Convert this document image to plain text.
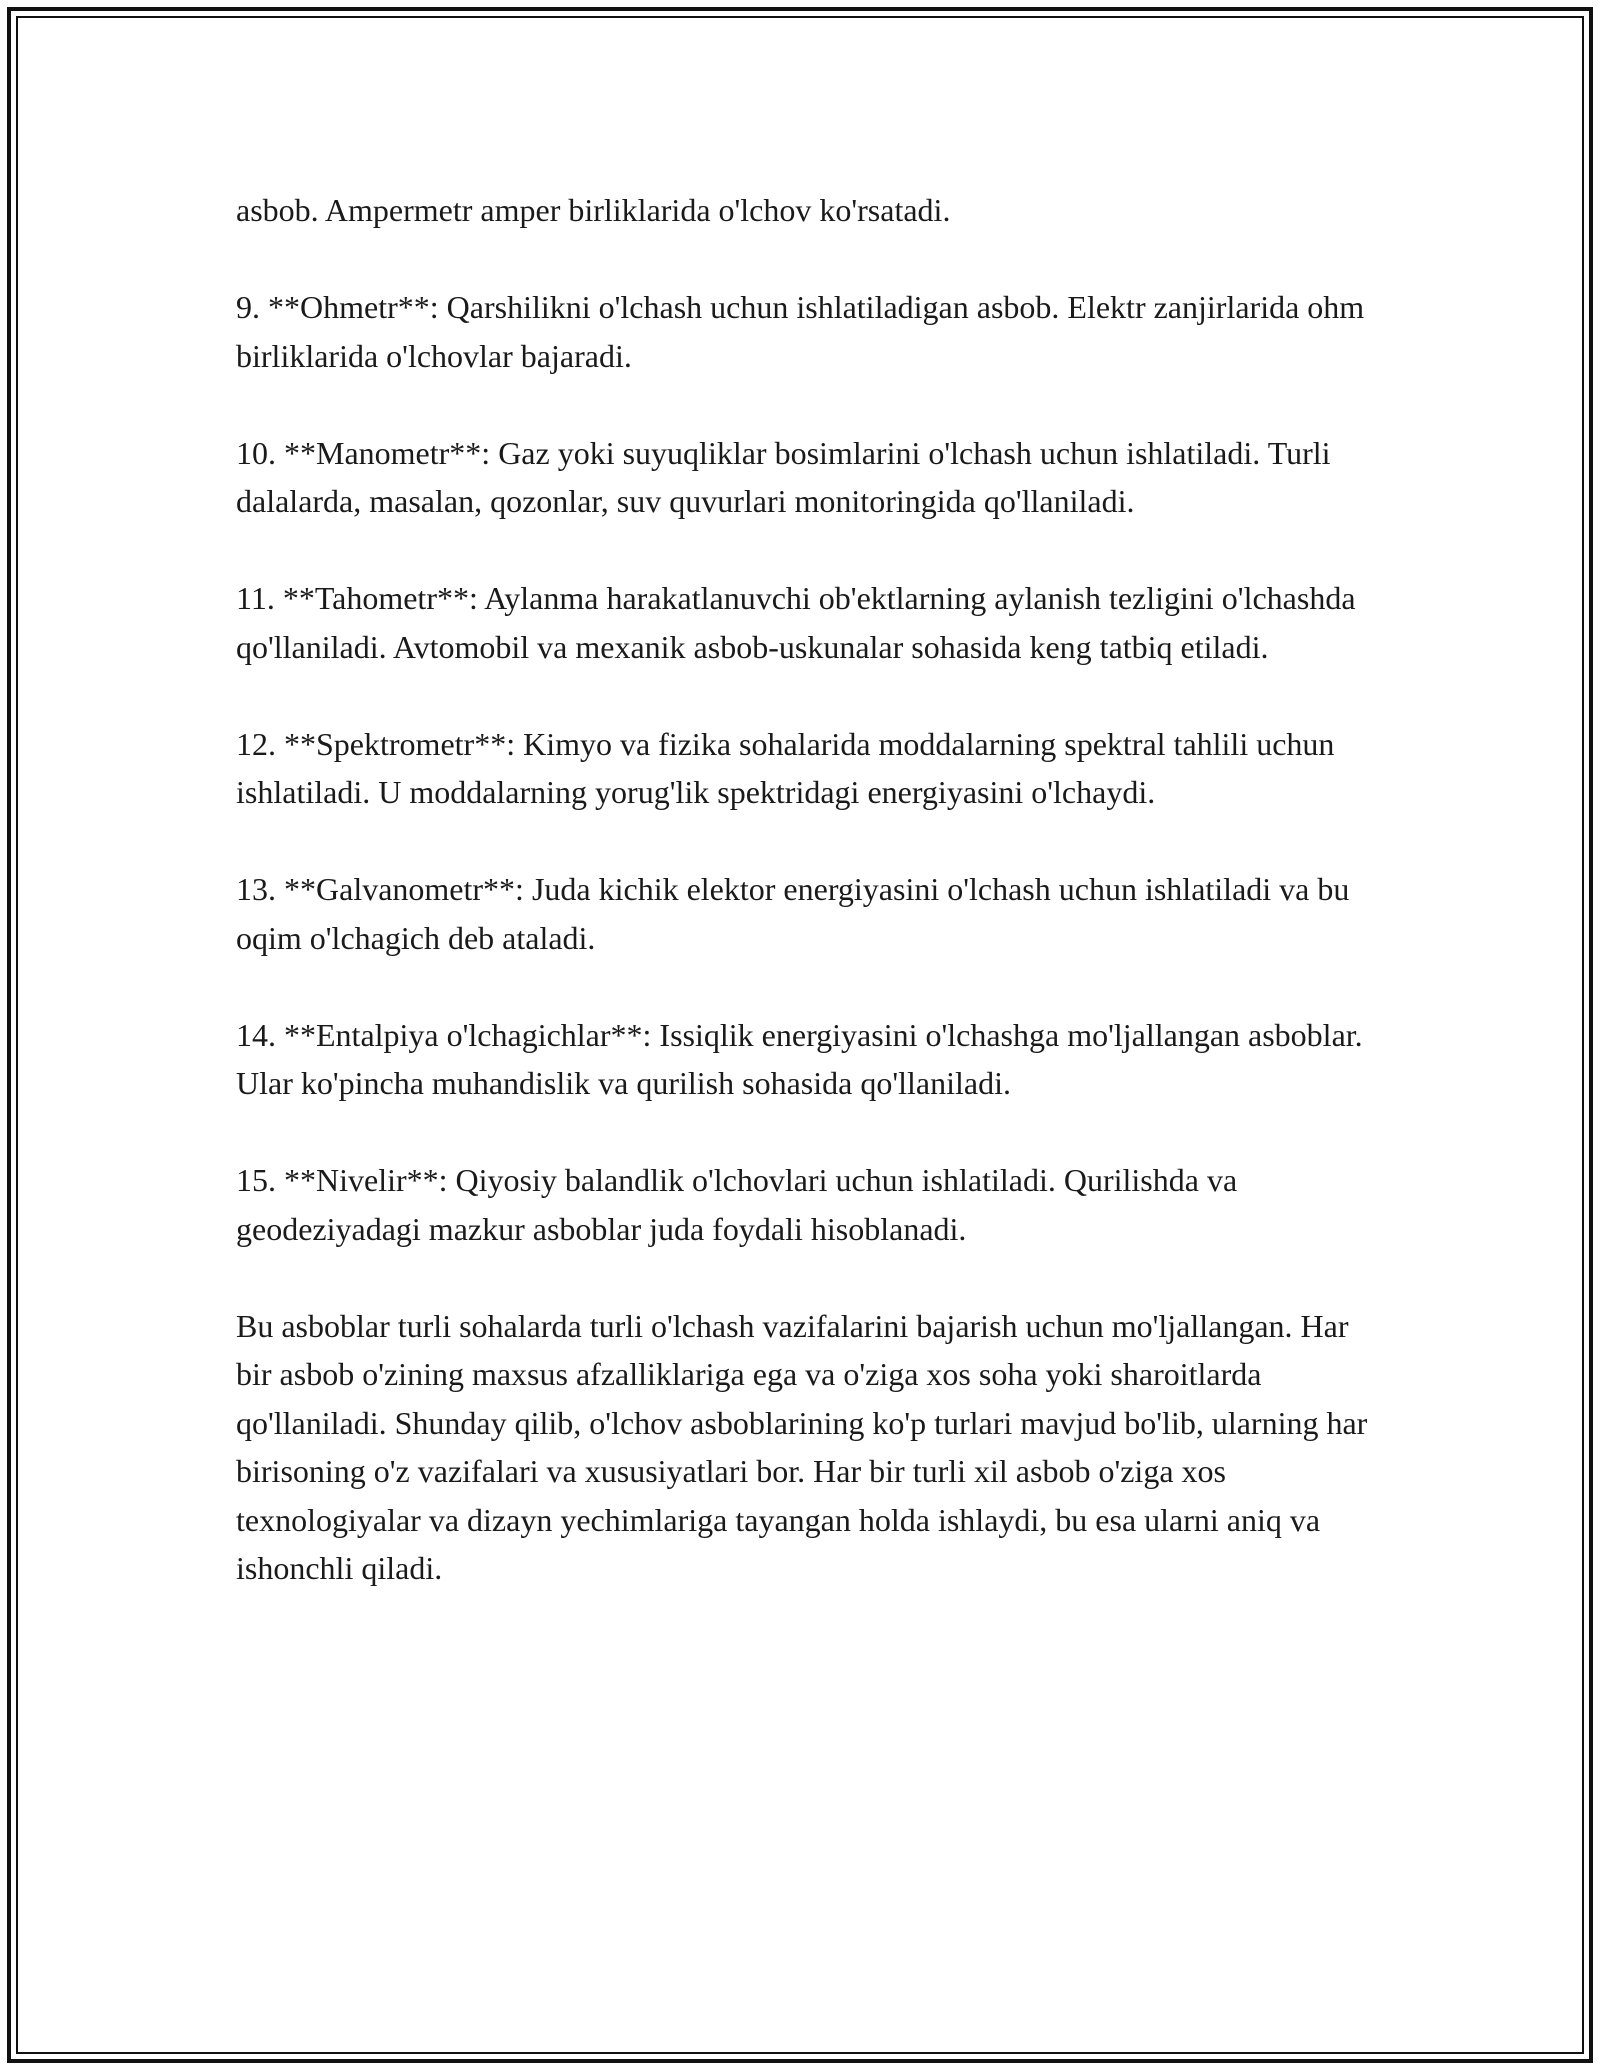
asbob. Ampermetr amper birliklarida o'lchov ko'rsatadi.

9. **Ohmetr**: Qarshilikni o'lchash uchun ishlatiladigan asbob. Elektr zanjirlarida ohm birliklarida o'lchovlar bajaradi.

10. **Manometr**: Gaz yoki suyuqliklar bosimlarini o'lchash uchun ishlatiladi. Turli dalalarda, masalan, qozonlar, suv quvurlari monitoringida qo'llaniladi.

11. **Tahometr**: Aylanma harakatlanuvchi ob'ektlarning aylanish tezligini o'lchashda qo'llaniladi. Avtomobil va mexanik asbob-uskunalar sohasida keng tatbiq etiladi.

12. **Spektrometr**: Kimyo va fizika sohalarida moddalarning spektral tahlili uchun ishlatiladi. U moddalarning yorug'lik spektridagi energiyasini o'lchaydi.

13. **Galvanometr**: Juda kichik elektor energiyasini o'lchash uchun ishlatiladi va bu oqim o'lchagich deb ataladi.

14. **Entalpiya o'lchagichlar**: Issiqlik energiyasini o'lchashga mo'ljallangan asboblar. Ular ko'pincha muhandislik va qurilish sohasida qo'llaniladi.

15. **Nivelir**: Qiyosiy balandlik o'lchovlari uchun ishlatiladi. Qurilishda va geodeziyadagi mazkur asboblar juda foydali hisoblanadi.

Bu asboblar turli sohalarda turli o'lchash vazifalarini bajarish uchun mo'ljallangan. Har bir asbob o'zining maxsus afzalliklariga ega va o'ziga xos soha yoki sharoitlarda qo'llaniladi. Shunday qilib, o'lchov asboblarining ko'p turlari mavjud bo'lib, ularning har birisoning o'z vazifalari va xususiyatlari bor. Har bir turli xil asbob o'ziga xos texnologiyalar va dizayn yechimlariga tayangan holda ishlaydi, bu esa ularni aniq va ishonchli qiladi.
